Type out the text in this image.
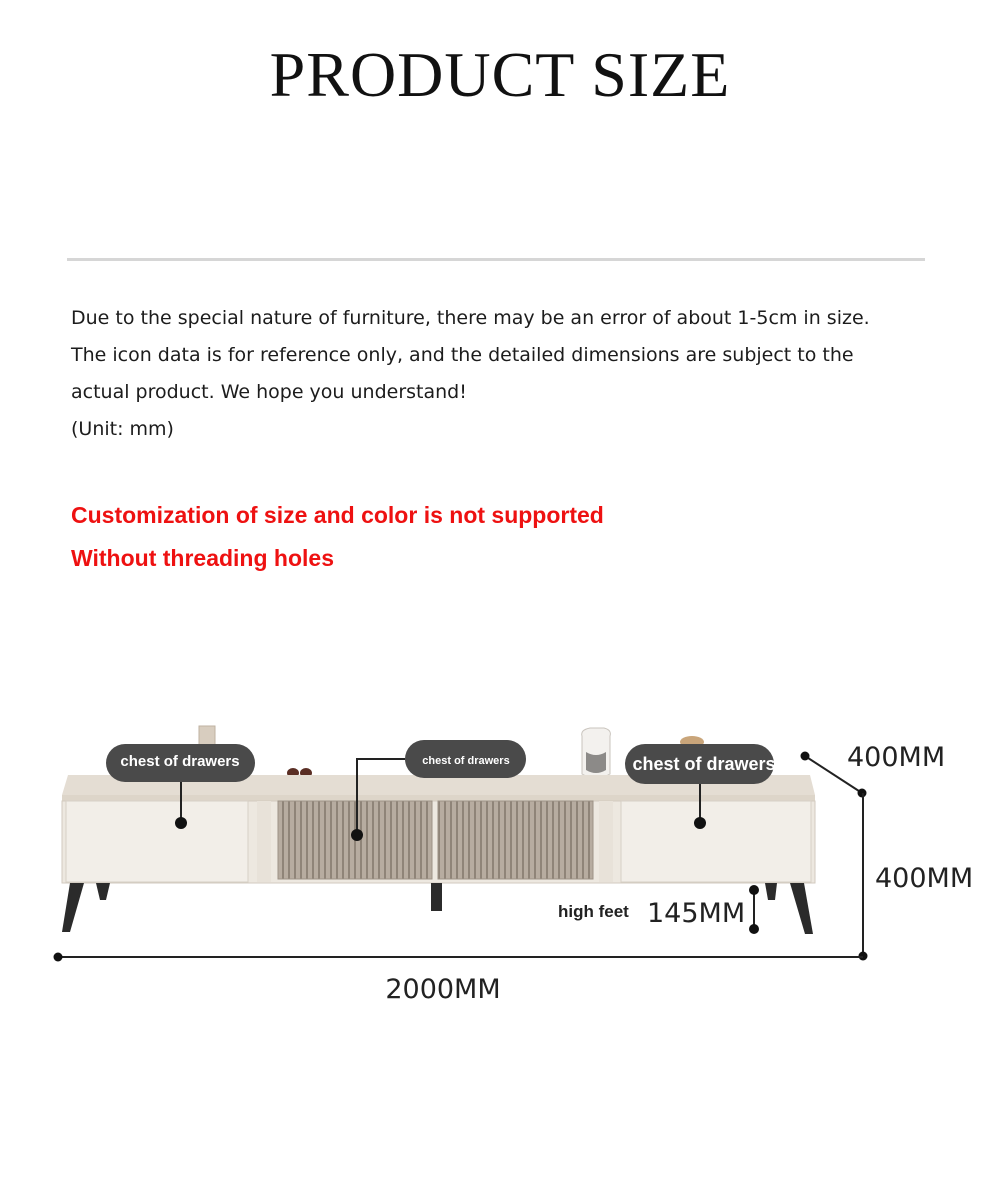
PRODUCT SIZE
Due to the special nature of furniture, there may be an error of about 1-5cm in size.
The icon data is for reference only, and the detailed dimensions are subject to the
actual product. We hope you understand!
(Unit: mm)
Customization of size and color is not supported
Without threading holes
chest of drawers	chest of drawers	chest of drawers	400MM
400MM
2000MM
high feet 145MM
